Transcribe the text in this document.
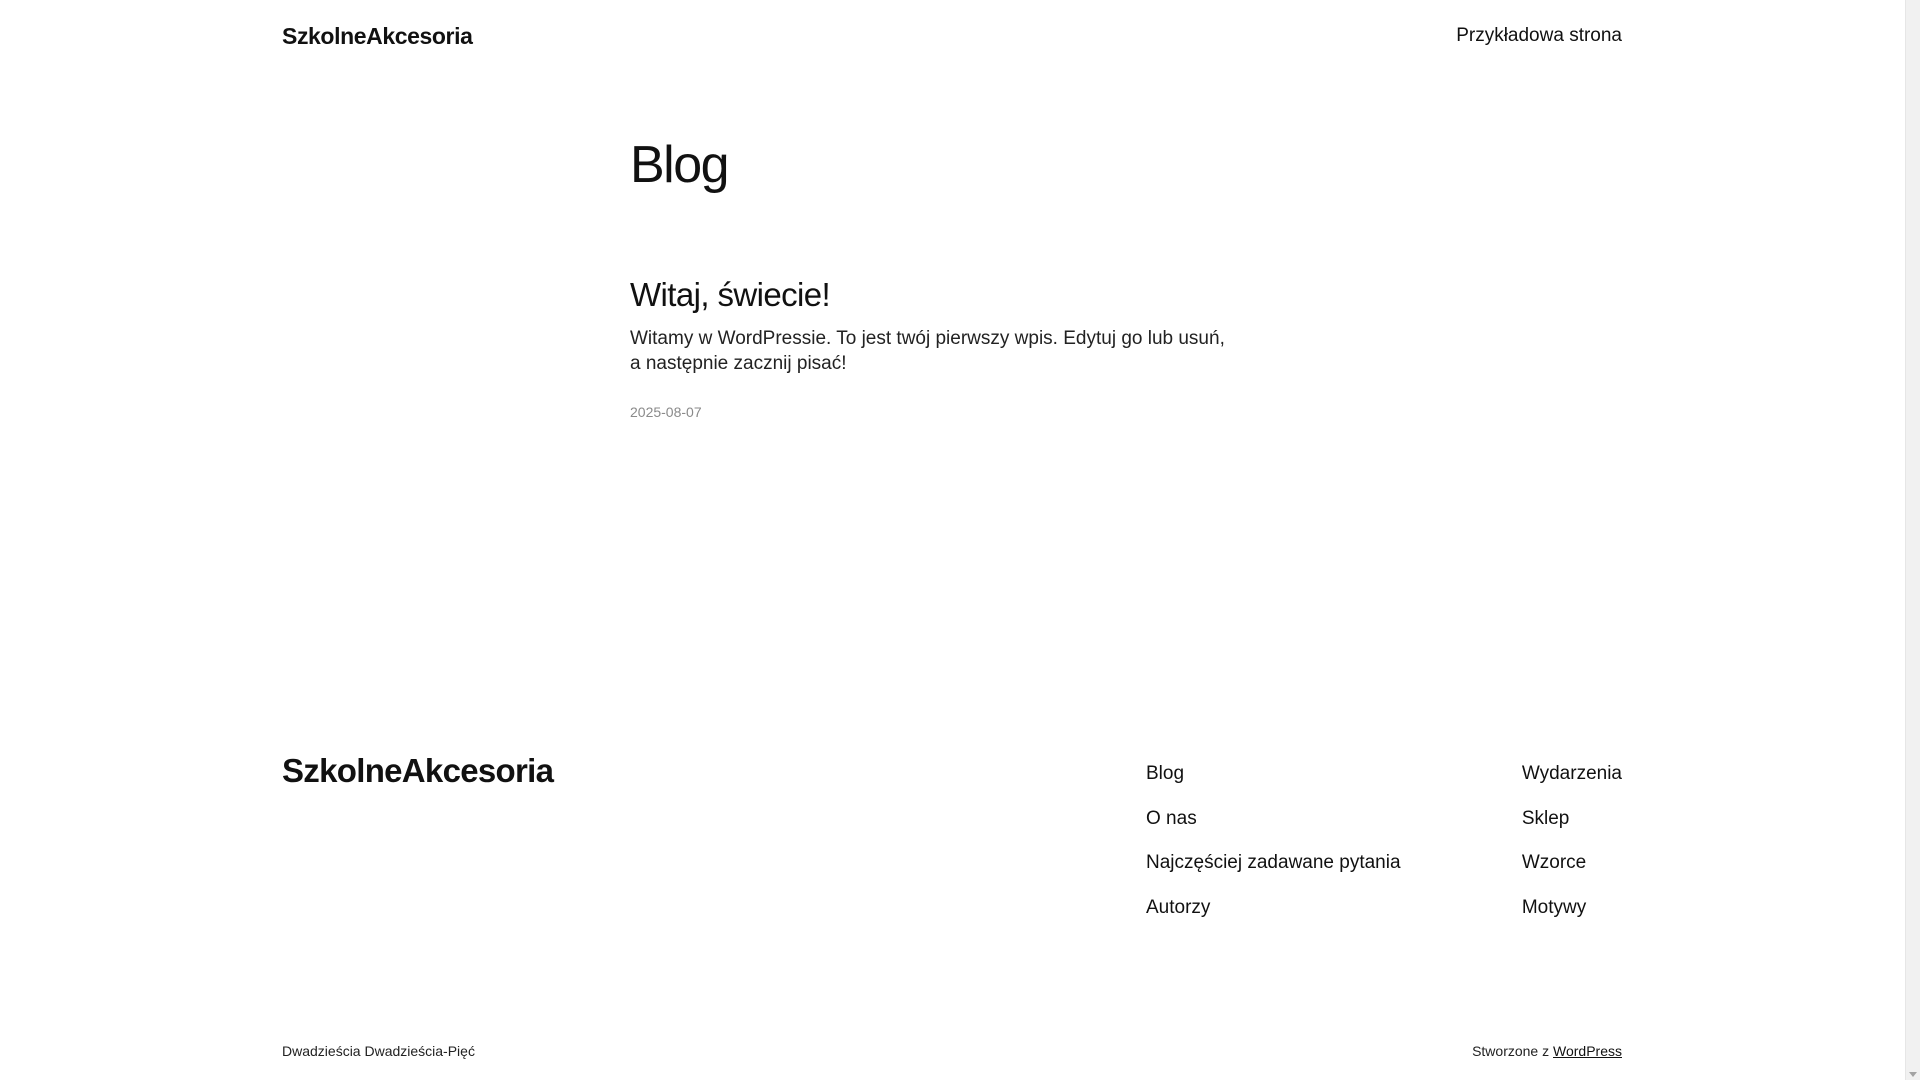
SzkolneAkcesoria	Przykładowa strona
Blog
Witaj, świecie!

Witamy w WordPressie. To jest twój pierwszy wpis. Edytuj go lub usuń, a następnie zacznij pisać!

2025-08-07
SzkolneAkcesoria	Blog
O nas
Najczęściej zadawane pytania
Autorzy
Wydarzenia
Sklep
Wzorce
Motywy
Dwadzieścia Dwadzieścia-Pięć	Stworzone z WordPress
